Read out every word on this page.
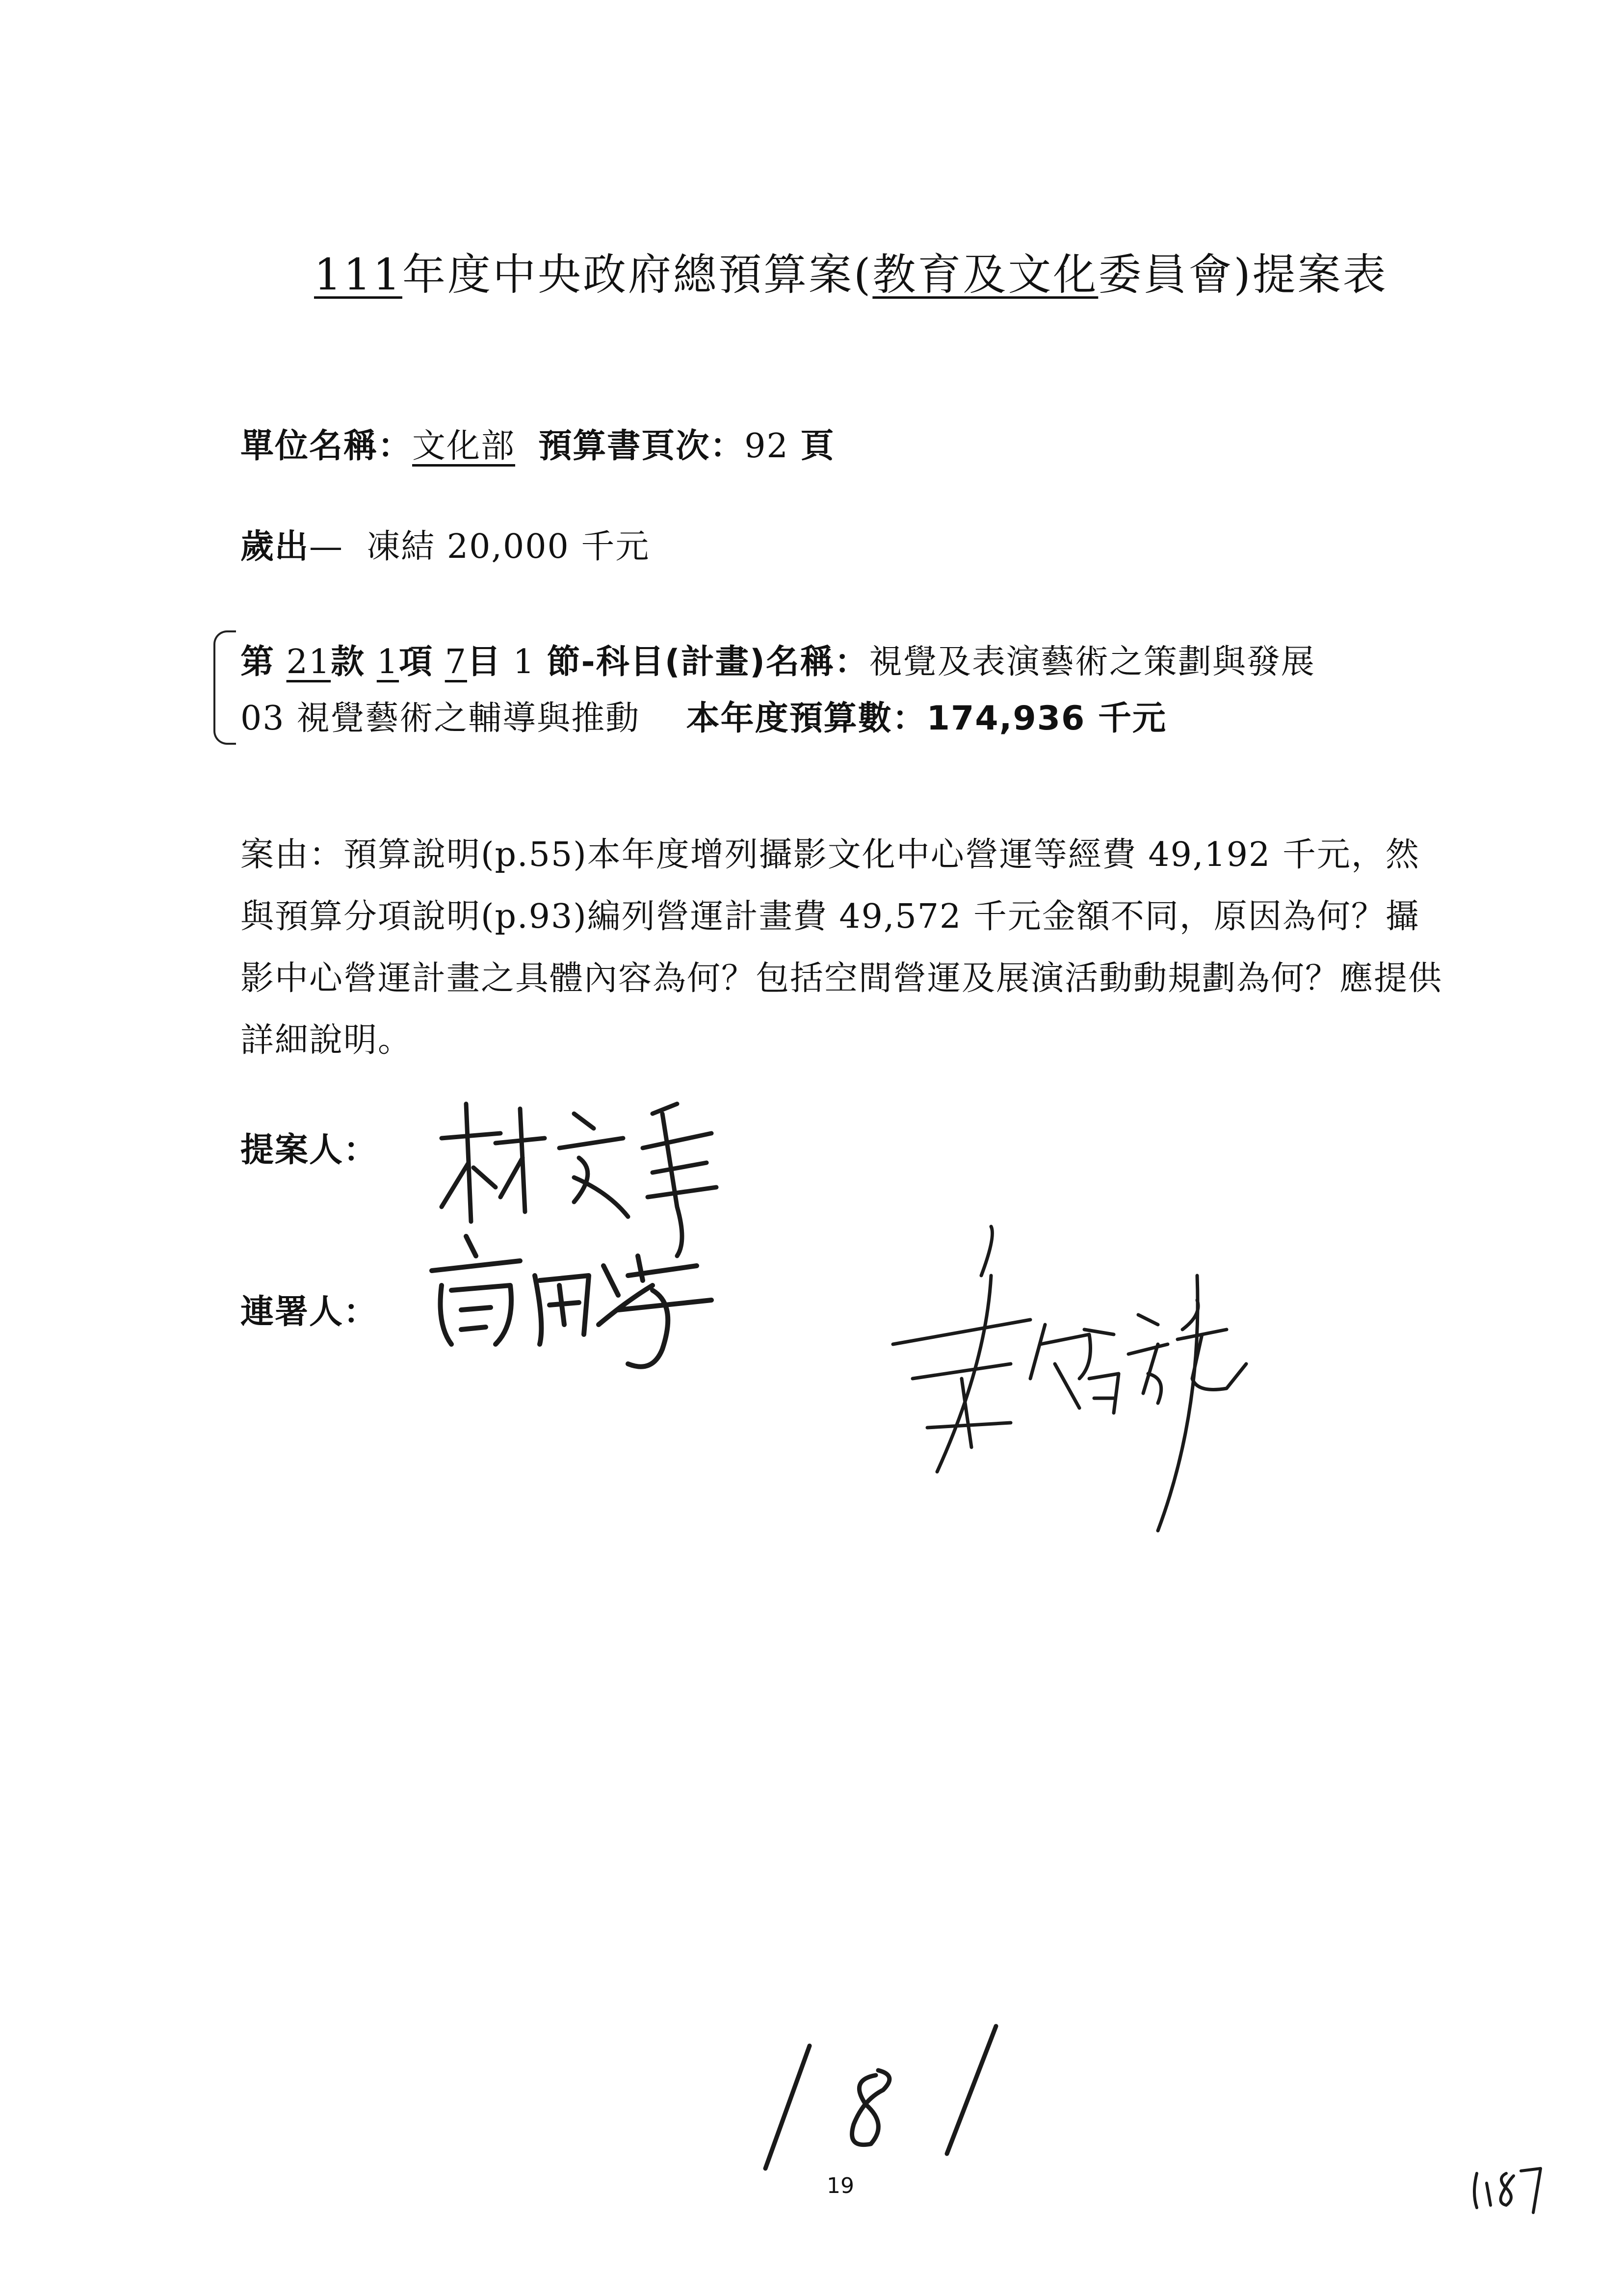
111年度中央政府總預算案(教育及文化委員會)提案表
單位名稱：文化部 預算書頁次：92 頁
歲出— 凍結 20,000 千元
第 21款 1項 7目 1 節-科目(計畫)名稱：視覺及表演藝術之策劃與發展
03 視覺藝術之輔導與推動 本年度預算數：174,936 千元
案由：預算說明(p.55)本年度增列攝影文化中心營運等經費 49,192 千元，然與預算分項說明(p.93)編列營運計畫費 49,572 千元金額不同，原因為何？攝影中心營運計畫之具體內容為何？包括空間營運及展演活動動規劃為何？應提供詳細說明。
提案人：
連署人：
19
